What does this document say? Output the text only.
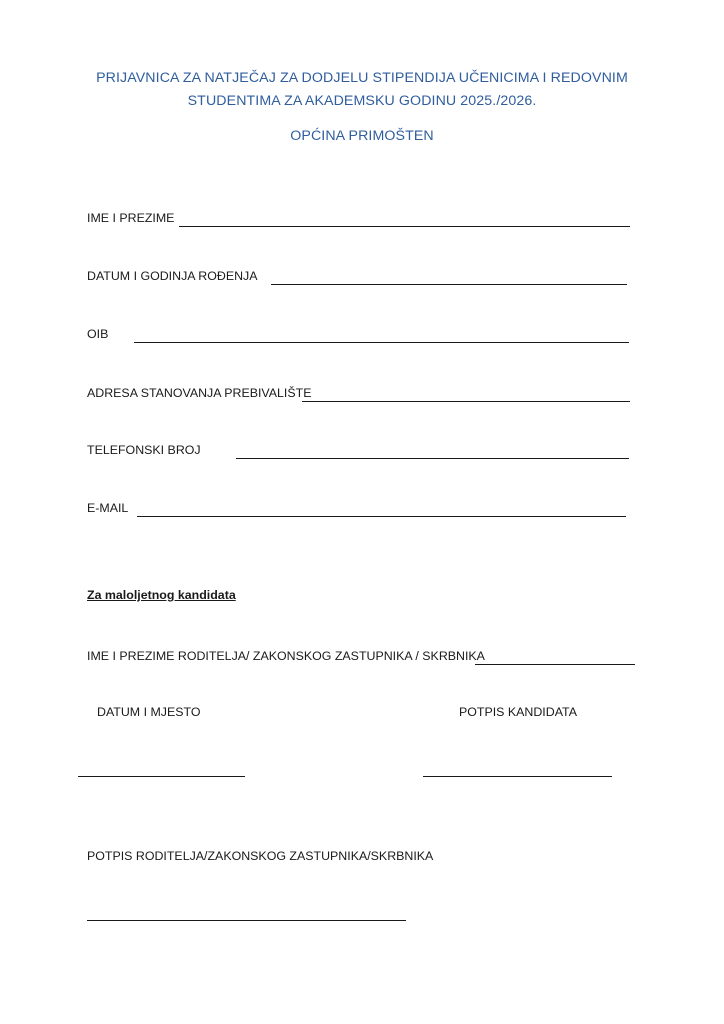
PRIJAVNICA ZA NATJEČAJ ZA DODJELU STIPENDIJA UČENICIMA I REDOVNIM
STUDENTIMA ZA AKADEMSKU GODINU 2025./2026.
OPĆINA PRIMOŠTEN
IME I PREZIME
DATUM I GODINJA ROĐENJA
OIB
ADRESA STANOVANJA PREBIVALIŠTE
TELEFONSKI BROJ
E-MAIL
Za maloljetnog kandidata
IME I PREZIME RODITELJA/ ZAKONSKOG ZASTUPNIKA / SKRBNIKA
DATUM I MJESTO	POTPIS KANDIDATA
POTPIS RODITELJA/ZAKONSKOG ZASTUPNIKA/SKRBNIKA
